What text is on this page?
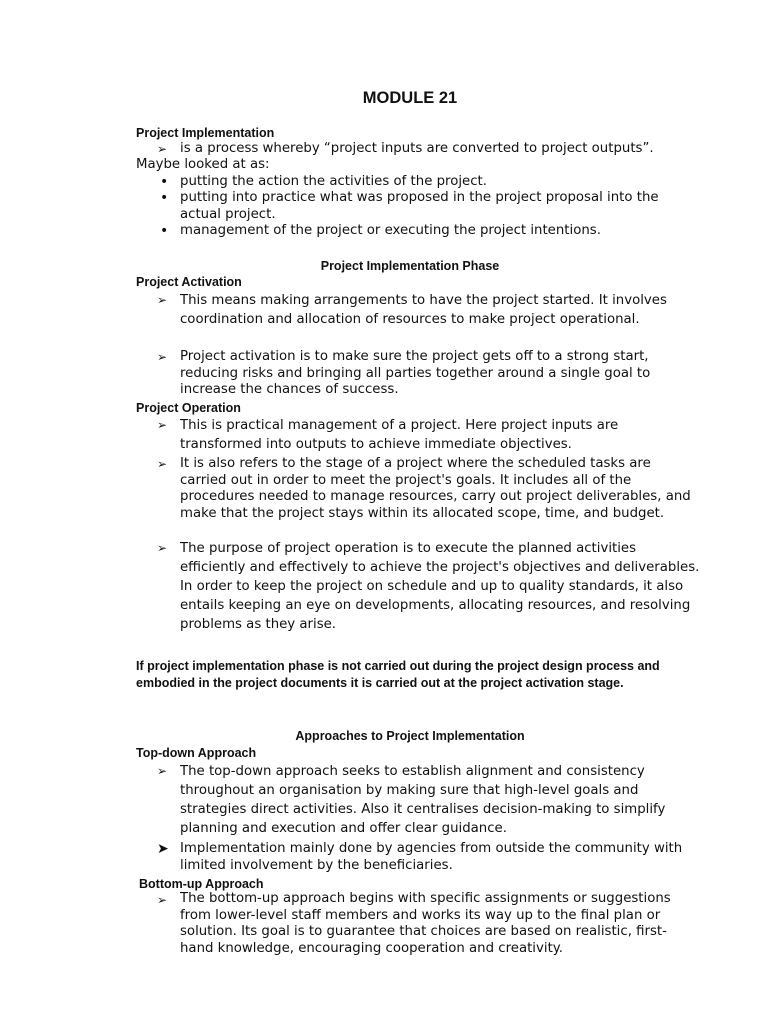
MODULE 21
Project Implementation
➢ is a process whereby “project inputs are converted to project outputs”.
Maybe looked at as:
• putting the action the activities of the project.
• putting into practice what was proposed in the project proposal into the actual project.
• management of the project or executing the project intentions.
Project Implementation Phase
Project Activation
➢ This means making arrangements to have the project started. It involves coordination and allocation of resources to make project operational.
➢ Project activation is to make sure the project gets off to a strong start, reducing risks and bringing all parties together around a single goal to increase the chances of success.
Project Operation
➢ This is practical management of a project. Here project inputs are transformed into outputs to achieve immediate objectives.
➢ It is also refers to the stage of a project where the scheduled tasks are carried out in order to meet the project's goals. It includes all of the procedures needed to manage resources, carry out project deliverables, and make that the project stays within its allocated scope, time, and budget.
➢ The purpose of project operation is to execute the planned activities efficiently and effectively to achieve the project's objectives and deliverables. In order to keep the project on schedule and up to quality standards, it also entails keeping an eye on developments, allocating resources, and resolving problems as they arise.
If project implementation phase is not carried out during the project design process and embodied in the project documents it is carried out at the project activation stage.
Approaches to Project Implementation
Top-down Approach
➢ The top-down approach seeks to establish alignment and consistency throughout an organisation by making sure that high-level goals and strategies direct activities. Also it centralises decision-making to simplify planning and execution and offer clear guidance.
➤ Implementation mainly done by agencies from outside the community with limited involvement by the beneficiaries.
Bottom-up Approach
➢ The bottom-up approach begins with specific assignments or suggestions from lower-level staff members and works its way up to the final plan or solution. Its goal is to guarantee that choices are based on realistic, first-hand knowledge, encouraging cooperation and creativity.
